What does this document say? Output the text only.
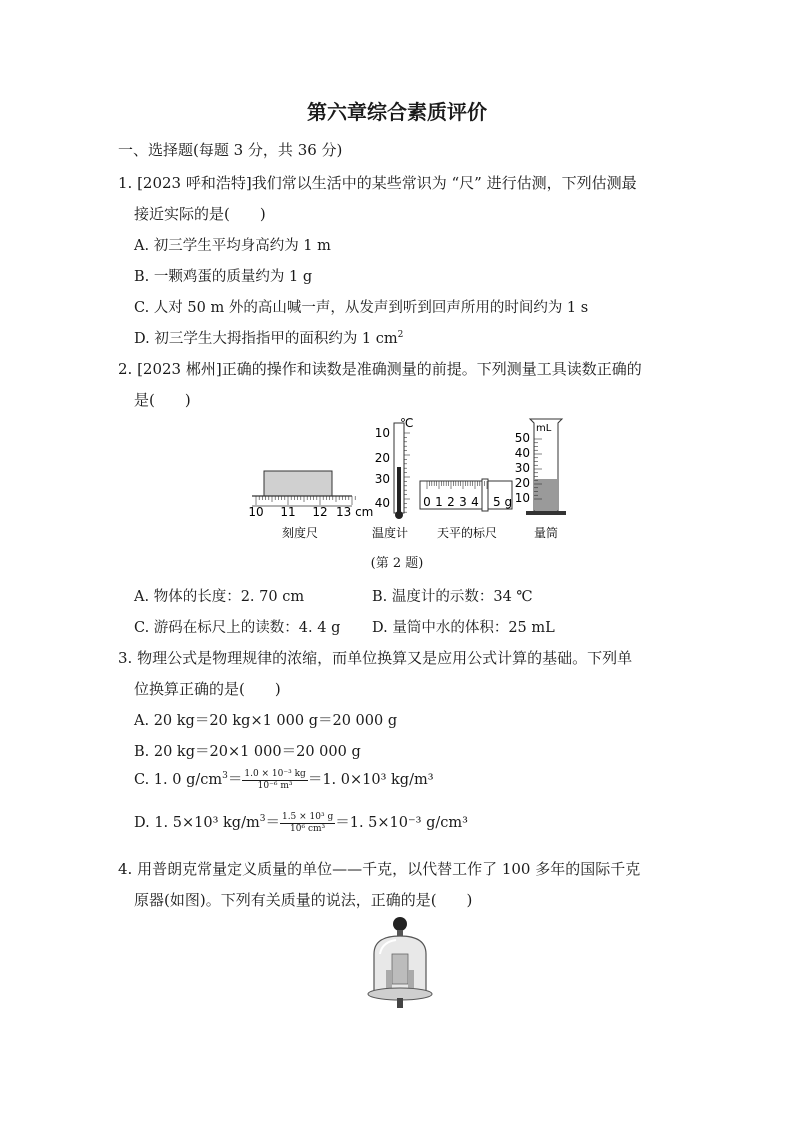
第六章综合素质评价
一、选择题(每题 3 分，共 36 分)
1. [2023 呼和浩特]我们常以生活中的某些常识为 “尺” 进行估测，下列估测最
接近实际的是(　　)
A. 初三学生平均身高约为 1 m
B. 一颗鸡蛋的质量约为 1 g
C. 人对 50 m 外的高山喊一声，从发声到听到回声所用的时间约为 1 s
D. 初三学生大拇指指甲的面积约为 1 $cm^2$
2. [2023 郴州]正确的操作和读数是准确测量的前提。下列测量工具读数正确的
是(　　)
10 11 12 13 cm
刻度尺
℃
10
20
30
40
温度计
0 1 2 3 4 5 g
天平的标尺
mL
50
40
30
20
10
量筒
(第 2 题)
A. 物体的长度：2. 70 cm	B. 温度计的示数：34 ℃
C. 游码在标尺上的读数：4. 4 g D. 量筒中水的体积：25 mL
3. 物理公式是物理规律的浓缩，而单位换算又是应用公式计算的基础。下列单
位换算正确的是(　　)
A. 20 kg＝20 kg×1 000 g＝20 000 g
B. 20 kg＝20×1 000＝20 000 g
C. 1. 0 $g/cm^3= \frac{\text{1.0 × 10⁻³ kg}}{\text{10⁻⁶ m³}} =1$. 0×10³ kg/m³
D. 1. 5×10³ $kg/m^3= \frac{\text{1.5 × 10³ g}}{\text{10⁶ cm³}} =1$. 5×10⁻³ g/cm³
4. 用普朗克常量定义质量的单位——千克，以代替工作了 100 多年的国际千克
原器(如图)。下列有关质量的说法，正确的是(　　)
